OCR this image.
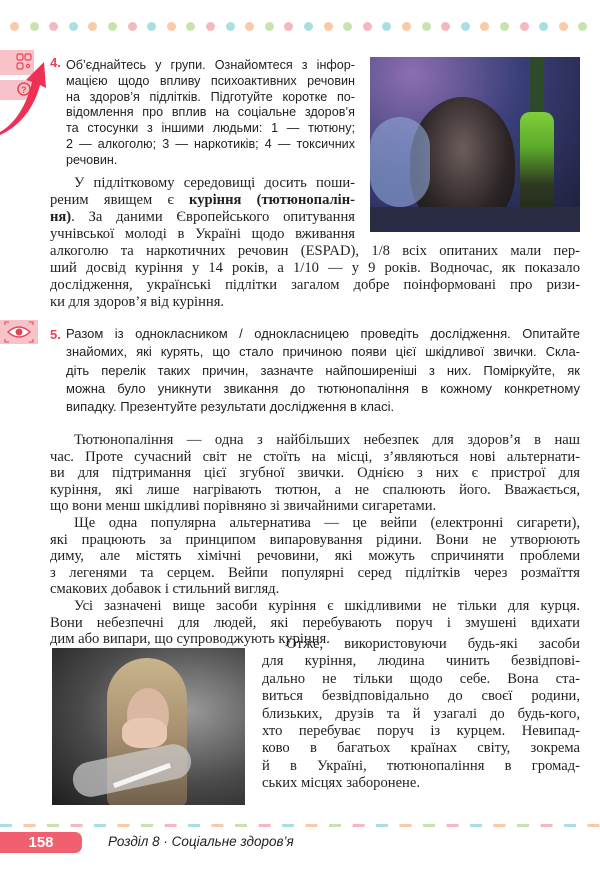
?
4. Об’єднайтесь у групи. Ознайомтеся з інфор-
мацією щодо впливу психоактивних речовин
на здоров’я підлітків. Підготуйте коротке по-
відомлення про вплив на соціальне здоров’я
та стосунки з іншими людьми: 1 — тютюну;
2 — алкоголю; 3 — наркотиків; 4 — токсичних
речовин.
У підлітковому середовищі досить поши-
реним явищем є куріння (тютюнопалін-
ня). За даними Європейського опитування
учнівської молоді в Україні щодо вживання
алкоголю та наркотичних речовин (ESPAD), 1/8 всіх опитаних мали пер-
ший досвід куріння у 14 років, а 1/10 — у 9 років. Водночас, як показало
дослідження, українські підлітки загалом добре поінформовані про ризи-
ки для здоров’я від куріння.
5. Разом із однокласником / однокласницею проведіть дослідження. Опитайте
знайомих, які курять, що стало причиною появи цієї шкідливої звички. Скла-
діть перелік таких причин, зазначте найпоширеніші з них. Поміркуйте, як
можна було уникнути звикання до тютюнопаління в кожному конкретному
випадку. Презентуйте результати дослідження в класі.
Тютюнопаління — одна з найбільших небезпек для здоров’я в наш
час. Проте сучасний світ не стоїть на місці, з’являються нові альтернати-
ви для підтримання цієї згубної звички. Однією з них є пристрої для
куріння, які лише нагрівають тютюн, а не спалюють його. Вважається,
що вони менш шкідливі порівняно зі звичайними сигаретами.
Ще одна популярна альтернатива — це вейпи (електронні сигарети),
які працюють за принципом випаровування рідини. Вони не утворюють
диму, але містять хімічні речовини, які можуть спричиняти проблеми
з легенями та серцем. Вейпи популярні серед підлітків через розмаїття
смакових добавок і стильний вигляд.
Усі зазначені вище засоби куріння є шкідливими не тільки для курця.
Вони небезпечні для людей, які перебувають поруч і змушені вдихати
дим або випари, що супроводжують куріння.
Отже, використовуючи будь-які засоби
для куріння, людина чинить безвідпові-
дально не тільки щодо себе. Вона ста-
виться безвідповідально до своєї родини,
близьких, друзів та й узагалі до будь-кого,
хто перебуває поруч із курцем. Невипад-
ково в багатьох країнах світу, зокрема
й в Україні, тютюнопаління в громад-
ських місцях заборонене.
158	Розділ 8 · Соціальне здоров’я
